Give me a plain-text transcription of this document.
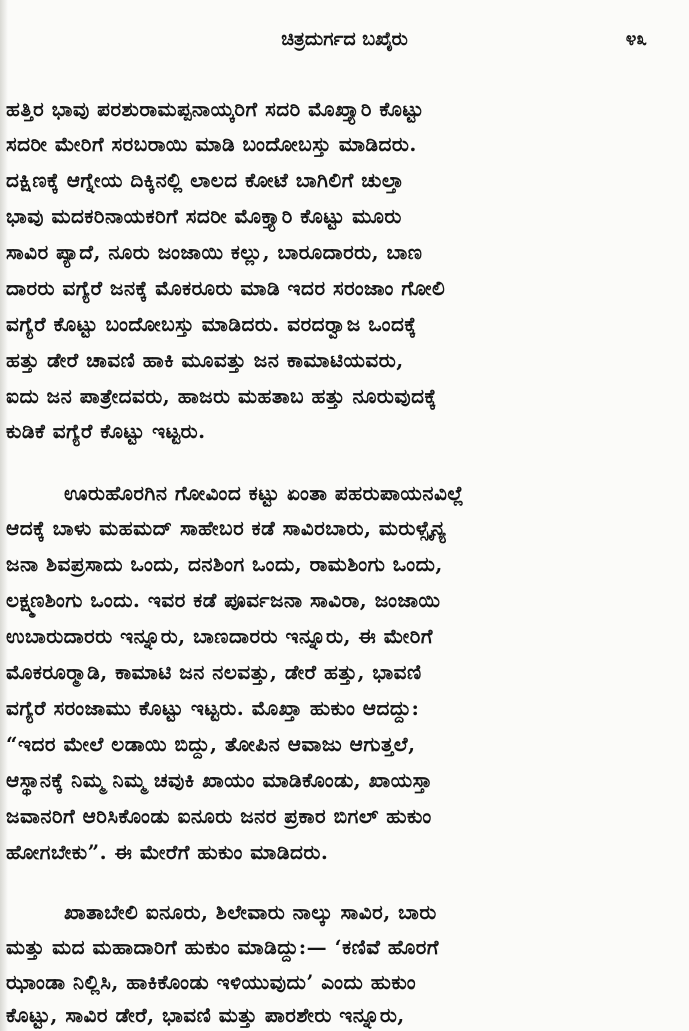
ಚಿತ್ರದುರ್ಗದ ಬಖೈರು	೪೩
ಹತ್ತಿರ ಭಾವು ಪರಶುರಾಮಪ್ಪನಾಯ್ಕರಿಗೆ ಸದರಿ ಮೊಖ್ತ್ಯಾರಿ ಕೊಟ್ಟು
ಸದರೀ ಮೇರಿಗೆ ಸರಬರಾಯಿ ಮಾಡಿ ಬಂದೋಬಸ್ತು ಮಾಡಿದರು.
ದಕ್ಷಿಣಕ್ಕೆ ಆಗ್ನೇಯ ದಿಕ್ಕಿನಲ್ಲಿ ಲಾಲದ ಕೋಟೆ ಬಾಗಿಲಿಗೆ ಚುಲ್ತಾ
ಭಾವು ಮದಕರಿನಾಯಕರಿಗೆ ಸದರೀ ಮೊಕ್ತ್ಯಾರಿ ಕೊಟ್ಟು ಮೂರು
ಸಾವಿರ ಪ್ಯಾದೆ, ನೂರು ಜಂಜಾಯಿ ಕಲ್ಲು, ಬಾರೂದಾರರು, ಬಾಣ
ದಾರರು ವಗ್ಯೆರೆ ಜನಕ್ಕೆ ಮೊಕರೂರು ಮಾಡಿ ಇದರ ಸರಂಜಾಂ ಗೋಲಿ
ವಗ್ಯೆರೆ ಕೊಟ್ಟು ಬಂದೋಬಸ್ತು ಮಾಡಿದರು. ವರದರ್‍ವಾಜ ಒಂದಕ್ಕೆ
ಹತ್ತು ಡೇರೆ ಚಾವಣಿ ಹಾಕಿ ಮೂವತ್ತು ಜನ ಕಾಮಾಟಿಯವರು,
ಐದು ಜನ ಪಾತ್ರೇದವರು, ಹಾಜರು ಮಹತಾಬ ಹತ್ತು ನೂರುವುದಕ್ಕೆ
ಕುಡಿಕೆ ವಗ್ಯೆರೆ ಕೊಟ್ಟು ಇಟ್ಟರು.
ಊರುಹೊರಗಿನ ಗೋವಿಂದ ಕಟ್ಟು ಏಂತಾ ಪಹರುಪಾಯನವಿಲ್ಲೆ
ಆದಕ್ಕೆ ಬಾಳು ಮಹಮದ್ ಸಾಹೇಬರ ಕಡೆ ಸಾವಿರಬಾರು, ಮರುಳ್ಸೈನ್ಯ
ಜನಾ ಶಿವಪ್ರಸಾದು ಒಂದು, ದನಶಿಂಗ ಒಂದು, ರಾಮಶಿಂಗು ಒಂದು,
ಲಕ್ಷ್ಮಣಶಿಂಗು ಒಂದು. ಇವರ ಕಡೆ ಪೂರ್ವಜನಾ ಸಾವಿರಾ, ಜಂಜಾಯಿ
ಉಬಾರುದಾರರು ಇನ್ನೂರು, ಬಾಣದಾರರು ಇನ್ನೂರು, ಈ ಮೇರಿಗೆ
ಮೊಕರೂರ್‍ಮಾಡಿ, ಕಾಮಾಟಿ ಜನ ನಲವತ್ತು, ಡೇರೆ ಹತ್ತು, ಭಾವಣಿ
ವಗ್ಯೆರೆ ಸರಂಜಾಮು ಕೊಟ್ಟು ಇಟ್ಟರು. ಮೊಖ್ತಾ ಹುಕುಂ ಆದದ್ದು:
“ಇದರ ಮೇಲೆ ಲಡಾಯಿ ಬಿದ್ದು, ತೋಪಿನ ಆವಾಜು ಆಗುತ್ತಲೆ,
ಆಸ್ಥಾನಕ್ಕೆ ನಿಮ್ಮ ನಿಮ್ಮ ಚವುಕಿ ಖಾಯಂ ಮಾಡಿಕೊಂಡು, ಖಾಯಸ್ತಾ
ಜವಾನರಿಗೆ ಆರಿಸಿಕೊಂಡು ಐನೂರು ಜನರ ಪ್ರಕಾರ ಬಿಗಲ್ ಹುಕುಂ
ಹೋಗಬೇಕು”. ಈ ಮೇರೆಗೆ ಹುಕುಂ ಮಾಡಿದರು.
ಖಾತಾಬೇಲಿ ಐನೂರು, ಶಿಲೇವಾರು ನಾಲ್ಕು ಸಾವಿರ, ಬಾರು
ಮತ್ತು ಮದ ಮಹಾದಾರಿಗೆ ಹುಕುಂ ಮಾಡಿದ್ದು:— ‘ಕಣಿವೆ ಹೊರಗೆ
ಝಾಂಡಾ ನಿಲ್ಲಿಸಿ, ಹಾಕಿಕೊಂಡು ಇಳಿಯುವುದು’ ಎಂದು ಹುಕುಂ
ಕೊಟ್ಟು, ಸಾವಿರ ಡೇರೆ, ಭಾವಣಿ ಮತ್ತು ಪಾರಶೇರು ಇನ್ನೂರು,
